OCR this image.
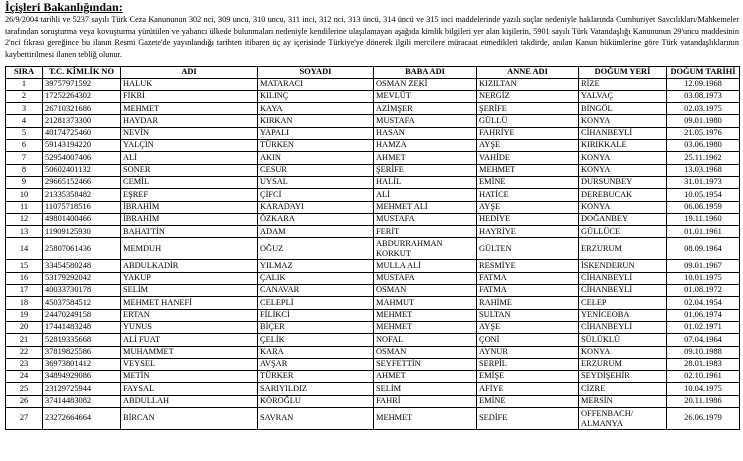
İçişleri Bakanlığından:
26/9/2004 tarihli ve 5237 sayılı Türk Ceza Kanununun 302 nci, 309 uncu, 310 uncu, 311 inci, 312 nci, 313 üncü, 314 üncü ve 315 inci maddelerinde yazılı suçlar nedeniyle haklarında Cumhuriyet Savcılıkları/Mahkemeler tarafından soruşturma veya kovuşturma yürütülen ve yabancı ülkede bulunmaları nedeniyle kendilerine ulaşılamayan aşağıda kimlik bilgileri yer alan kişilerin, 5901 sayılı Türk Vatandaşlığı Kanununun 29'uncu maddesinin 2'nci fıkrası gereğince bu ilanın Resmi Gazete'de yayınlandığı tarihten itibaren üç ay içerisinde Türkiye'ye dönerek ilgili mercilere müracaat etmedikleri takdirde, anılan Kanun hükümlerine göre Türk vatandaşlıklarının kaybettirilmesi ilanen tebliğ olunur.
SIRA	T.C. KİMLİK NO	ADI	SOYADI	BABA ADI	ANNE ADI	DOĞUM YERİ	DOĞUM TARİHİ
1	39757971592	HALUK	MATARACI	OSMAN ZEKİ	KIZILTAN	RİZE	12.09.1968
2	17252264302	FİKRİ	KILINÇ	MEVLÜT	NERGİZ	YALVAÇ	03.08.1973
3	26710321686	MEHMET	KAYA	AZİMŞER	ŞERİFE	BİNGÖL	02.03.1975
4	21281373300	HAYDAR	KIRKAN	MUSTAFA	GÜLLÜ	KONYA	09.01.1980
5	40174725460	NEVİN	YAPALI	HASAN	FAHRİYE	CİHANBEYLİ	21.05.1976
6	59143194220	YALÇIN	TÜRKEN	HAMZA	AYŞE	KIRIKKALE	03.06.1980
7	52954007406	ALİ	AKIN	AHMET	VAHİDE	KONYA	25.11.1962
8	50602401132	SONER	CESUR	ŞERİFE	MEHMET	KONYA	13.03.1968
9	29665152466	CEMİL	UYSAL	HALİL	EMİNE	DURSUNBEY	31.01.1973
10	21335358482	EŞREF	ÇİFCİ	ALİ	HATİCE	DEREBUCAK	10.05.1954
11	11075718516	İBRAHİM	KARADAYI	MEHMET ALİ	AYŞE	KONYA	06.06.1959
12	49801400466	İBRAHİM	ÖZKARA	MUSTAFA	HEDİYE	DOĞANBEY	19.11.1960
13	11909125930	BAHATTİN	ADAM	FERİT	HAYRİYE	GÜLLÜCE	01.01.1961
14	25807061436	MEMDUH	OĞUZ	ABDURRAHMAN KORKUT	GÜLTEN	ERZURUM	08.09.1964
15	33454580248	ABDULKADİR	YILMAZ	MULLA ALİ	RESMİYE	İSKENDERUN	09.01.1967
16	53179292042	YAKUP	ÇALIK	MUSTAFA	FATMA	CİHANBEYLİ	10.01.1975
17	40033730178	SELİM	CANAVAR	OSMAN	FATMA	CİHANBEYLİ	01.08.1972
18	45037584512	MEHMET HANEFİ	CELEPLİ	MAHMUT	RAHİME	CELEP	02.04.1954
19	24470249158	ERTAN	FİLİKCİ	MEHMET	SULTAN	YENİCEOBA	01.06.1974
20	17441483248	YUNUS	BİÇER	MEHMET	AYŞE	CİHANBEYLİ	01.02.1971
21	52819335668	ALİ FUAT	ÇELİK	NOFAL	ÇONİ	SÜLÜKLÜ	07.04.1964
22	37819825586	MUHAMMET	KARA	OSMAN	AYNUR	KONYA	09.10.1988
23	36973801412	VEYSEL	AVŞAR	SEYFETTİN	SERPİL	ERZURUM	28.01.1983
24	34894929086	METİN	TÜRKER	AHMET	EMİŞE	SEYDİŞEHİR	02.10.1961
25	23129725944	FAYSAL	SARIYILDIZ	SELİM	AFİYE	CİZRE	10.04.1975
26	37414483082	ABDULLAH	KÖROĞLU	FAHRİ	EMİNE	MERSİN	20.11.1986
27	23272664664	BİRCAN	SAVRAN	MEHMET	SEDİFE	OFFENBACH/ ALMANYA	26.06.1979
